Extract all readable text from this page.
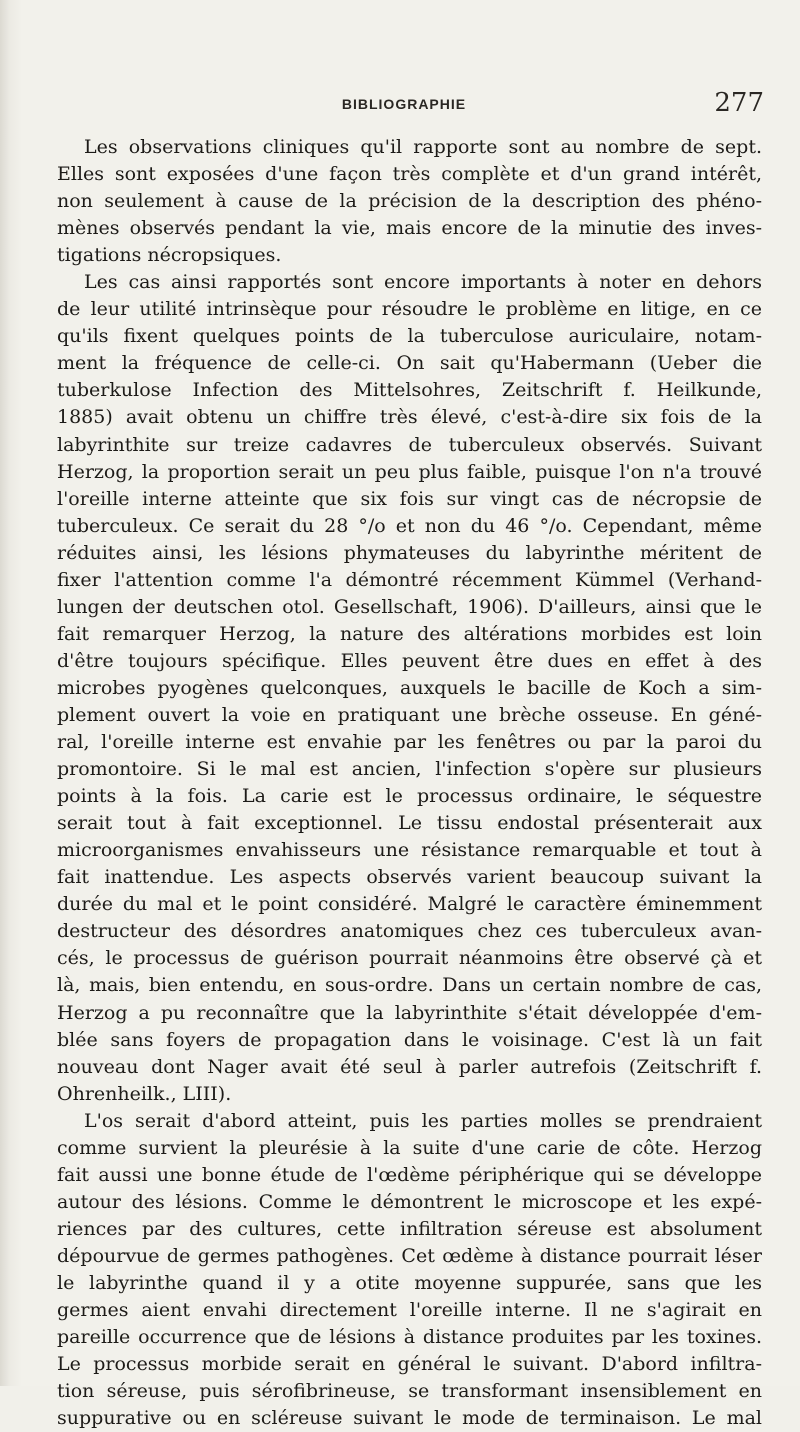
BIBLIOGRAPHIE	277
Les observations cliniques qu'il rapporte sont au nombre de sept.
Elles sont exposées d'une façon très complète et d'un grand intérêt,
non seulement à cause de la précision de la description des phéno-
mènes observés pendant la vie, mais encore de la minutie des inves-
tigations nécropsiques.
Les cas ainsi rapportés sont encore importants à noter en dehors
de leur utilité intrinsèque pour résoudre le problème en litige, en ce
qu'ils fixent quelques points de la tuberculose auriculaire, notam-
ment la fréquence de celle-ci. On sait qu'Habermann (Ueber die
tuberkulose Infection des Mittelsohres, Zeitschrift f. Heilkunde,
1885) avait obtenu un chiffre très élevé, c'est-à-dire six fois de la
labyrinthite sur treize cadavres de tuberculeux observés. Suivant
Herzog, la proportion serait un peu plus faible, puisque l'on n'a trouvé
l'oreille interne atteinte que six fois sur vingt cas de nécropsie de
tuberculeux. Ce serait du 28 °/o et non du 46 °/o. Cependant, même
réduites ainsi, les lésions phymateuses du labyrinthe méritent de
fixer l'attention comme l'a démontré récemment Kümmel (Verhand-
lungen der deutschen otol. Gesellschaft, 1906). D'ailleurs, ainsi que le
fait remarquer Herzog, la nature des altérations morbides est loin
d'être toujours spécifique. Elles peuvent être dues en effet à des
microbes pyogènes quelconques, auxquels le bacille de Koch a sim-
plement ouvert la voie en pratiquant une brèche osseuse. En géné-
ral, l'oreille interne est envahie par les fenêtres ou par la paroi du
promontoire. Si le mal est ancien, l'infection s'opère sur plusieurs
points à la fois. La carie est le processus ordinaire, le séquestre
serait tout à fait exceptionnel. Le tissu endostal présenterait aux
microorganismes envahisseurs une résistance remarquable et tout à
fait inattendue. Les aspects observés varient beaucoup suivant la
durée du mal et le point considéré. Malgré le caractère éminemment
destructeur des désordres anatomiques chez ces tuberculeux avan-
cés, le processus de guérison pourrait néanmoins être observé çà et
là, mais, bien entendu, en sous-ordre. Dans un certain nombre de cas,
Herzog a pu reconnaître que la labyrinthite s'était développée d'em-
blée sans foyers de propagation dans le voisinage. C'est là un fait
nouveau dont Nager avait été seul à parler autrefois (Zeitschrift f.
Ohrenheilk., LIII).
L'os serait d'abord atteint, puis les parties molles se prendraient
comme survient la pleurésie à la suite d'une carie de côte. Herzog
fait aussi une bonne étude de l'œdème périphérique qui se développe
autour des lésions. Comme le démontrent le microscope et les expé-
riences par des cultures, cette infiltration séreuse est absolument
dépourvue de germes pathogènes. Cet œdème à distance pourrait léser
le labyrinthe quand il y a otite moyenne suppurée, sans que les
germes aient envahi directement l'oreille interne. Il ne s'agirait en
pareille occurrence que de lésions à distance produites par les toxines.
Le processus morbide serait en général le suivant. D'abord infiltra-
tion séreuse, puis sérofibrineuse, se transformant insensiblement en
suppurative ou en scléreuse suivant le mode de terminaison. Le mal
